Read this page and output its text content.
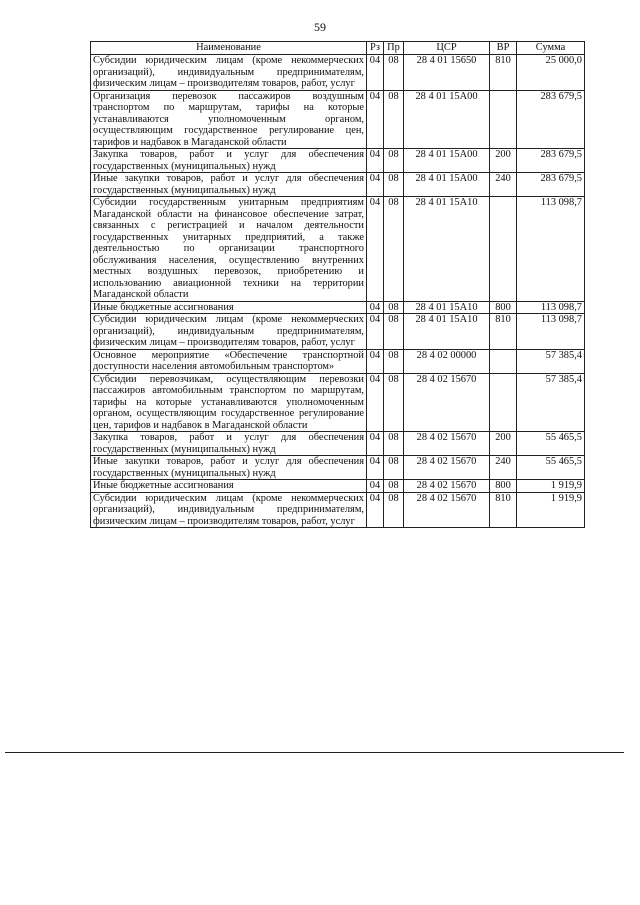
59
Наименование	Рз	Пр	ЦСР	ВР	Сумма
Субсидии юридическим лицам (кроме некоммерческих организаций), индивидуальным предпринимателям, физическим лицам – производителям товаров, работ, услуг	04	08	28 4 01 15650	810	25 000,0
Организация перевозок пассажиров воздушным транспортом по маршрутам, тарифы на которые устанавливаются уполномоченным органом, осуществляющим государственное регулирование цен, тарифов и надбавок в Магаданской области	04	08	28 4 01 15А00		283 679,5
Закупка товаров, работ и услуг для обеспечения государственных (муниципальных) нужд	04	08	28 4 01 15А00	200	283 679,5
Иные закупки товаров, работ и услуг для обеспечения государственных (муниципальных) нужд	04	08	28 4 01 15А00	240	283 679,5
Субсидии государственным унитарным предприятиям Магаданской области на финансовое обеспечение затрат, связанных с регистрацией и началом деятельности государственных унитарных предприятий, а также деятельностью по организации транспортного обслуживания населения, осуществлению внутренних местных воздушных перевозок, приобретению и использованию авиационной техники на территории Магаданской области	04	08	28 4 01 15А10		113 098,7
Иные бюджетные ассигнования	04	08	28 4 01 15А10	800	113 098,7
Субсидии юридическим лицам (кроме некоммерческих организаций), индивидуальным предпринимателям, физическим лицам – производителям товаров, работ, услуг	04	08	28 4 01 15А10	810	113 098,7
Основное мероприятие «Обеспечение транспортной доступности населения автомобильным транспортом»	04	08	28 4 02 00000		57 385,4
Субсидии перевозчикам, осуществляющим перевозки пассажиров автомобильным транспортом по маршрутам, тарифы на которые устанавливаются уполномоченным органом, осуществляющим государственное регулирование цен, тарифов и надбавок в Магаданской области	04	08	28 4 02 15670		57 385,4
Закупка товаров, работ и услуг для обеспечения государственных (муниципальных) нужд	04	08	28 4 02 15670	200	55 465,5
Иные закупки товаров, работ и услуг для обеспечения государственных (муниципальных) нужд	04	08	28 4 02 15670	240	55 465,5
Иные бюджетные ассигнования	04	08	28 4 02 15670	800	1 919,9
Субсидии юридическим лицам (кроме некоммерческих организаций), индивидуальным предпринимателям, физическим лицам – производителям товаров, работ, услуг	04	08	28 4 02 15670	810	1 919,9
